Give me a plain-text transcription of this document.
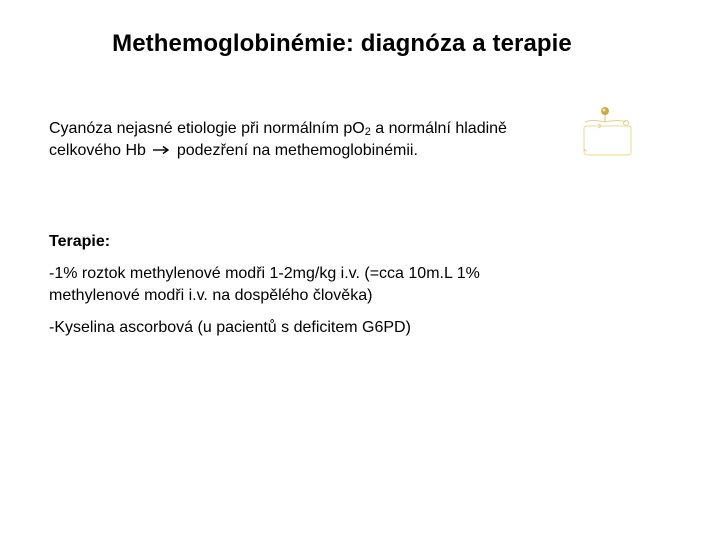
Methemoglobinémie: diagnóza a terapie
Cyanóza nejasné etiologie při normálním $pO_2$ a normální hladině
celkového Hb podezření na methemoglobinémii.
Terapie:
-1% roztok methylenové modři 1-2mg/kg i.v. (=cca 10m.L 1%
methylenové modři i.v. na dospělého člověka)
-Kyselina ascorbová (u pacientů s deficitem G6PD)
